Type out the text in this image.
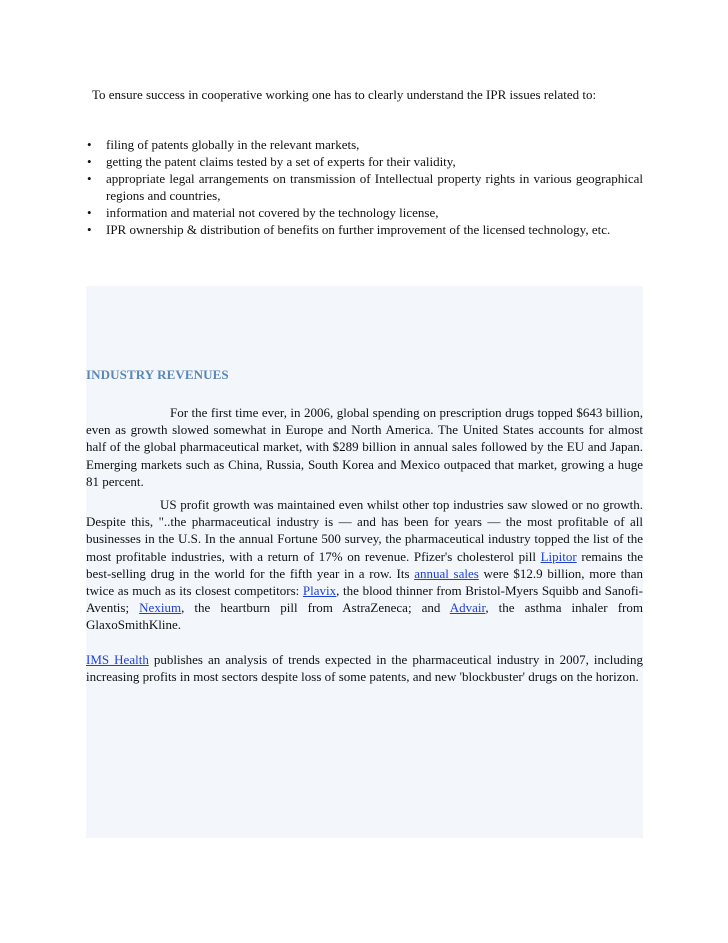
To ensure success in cooperative working one has to clearly understand the IPR issues related to:

• filing of patents globally in the relevant markets,
• getting the patent claims tested by a set of experts for their validity,
• appropriate legal arrangements on transmission of Intellectual property rights in various geographical regions and countries,
• information and material not covered by the technology license,
• IPR ownership & distribution of benefits on further improvement of the licensed technology, etc.
INDUSTRY REVENUES

For the first time ever, in 2006, global spending on prescription drugs topped $643 billion, even as growth slowed somewhat in Europe and North America. The United States accounts for almost half of the global pharmaceutical market, with $289 billion in annual sales followed by the EU and Japan. Emerging markets such as China, Russia, South Korea and Mexico outpaced that market, growing a huge 81 percent.

US profit growth was maintained even whilst other top industries saw slowed or no growth. Despite this, "..the pharmaceutical industry is — and has been for years — the most profitable of all businesses in the U.S. In the annual Fortune 500 survey, the pharmaceutical industry topped the list of the most profitable industries, with a return of 17% on revenue. Pfizer's cholesterol pill Lipitor remains the best-selling drug in the world for the fifth year in a row. Its annual sales were $12.9 billion, more than twice as much as its closest competitors: Plavix, the blood thinner from Bristol-Myers Squibb and Sanofi-Aventis; Nexium, the heartburn pill from AstraZeneca; and Advair, the asthma inhaler from GlaxoSmithKline.

IMS Health publishes an analysis of trends expected in the pharmaceutical industry in 2007, including increasing profits in most sectors despite loss of some patents, and new 'blockbuster' drugs on the horizon.
